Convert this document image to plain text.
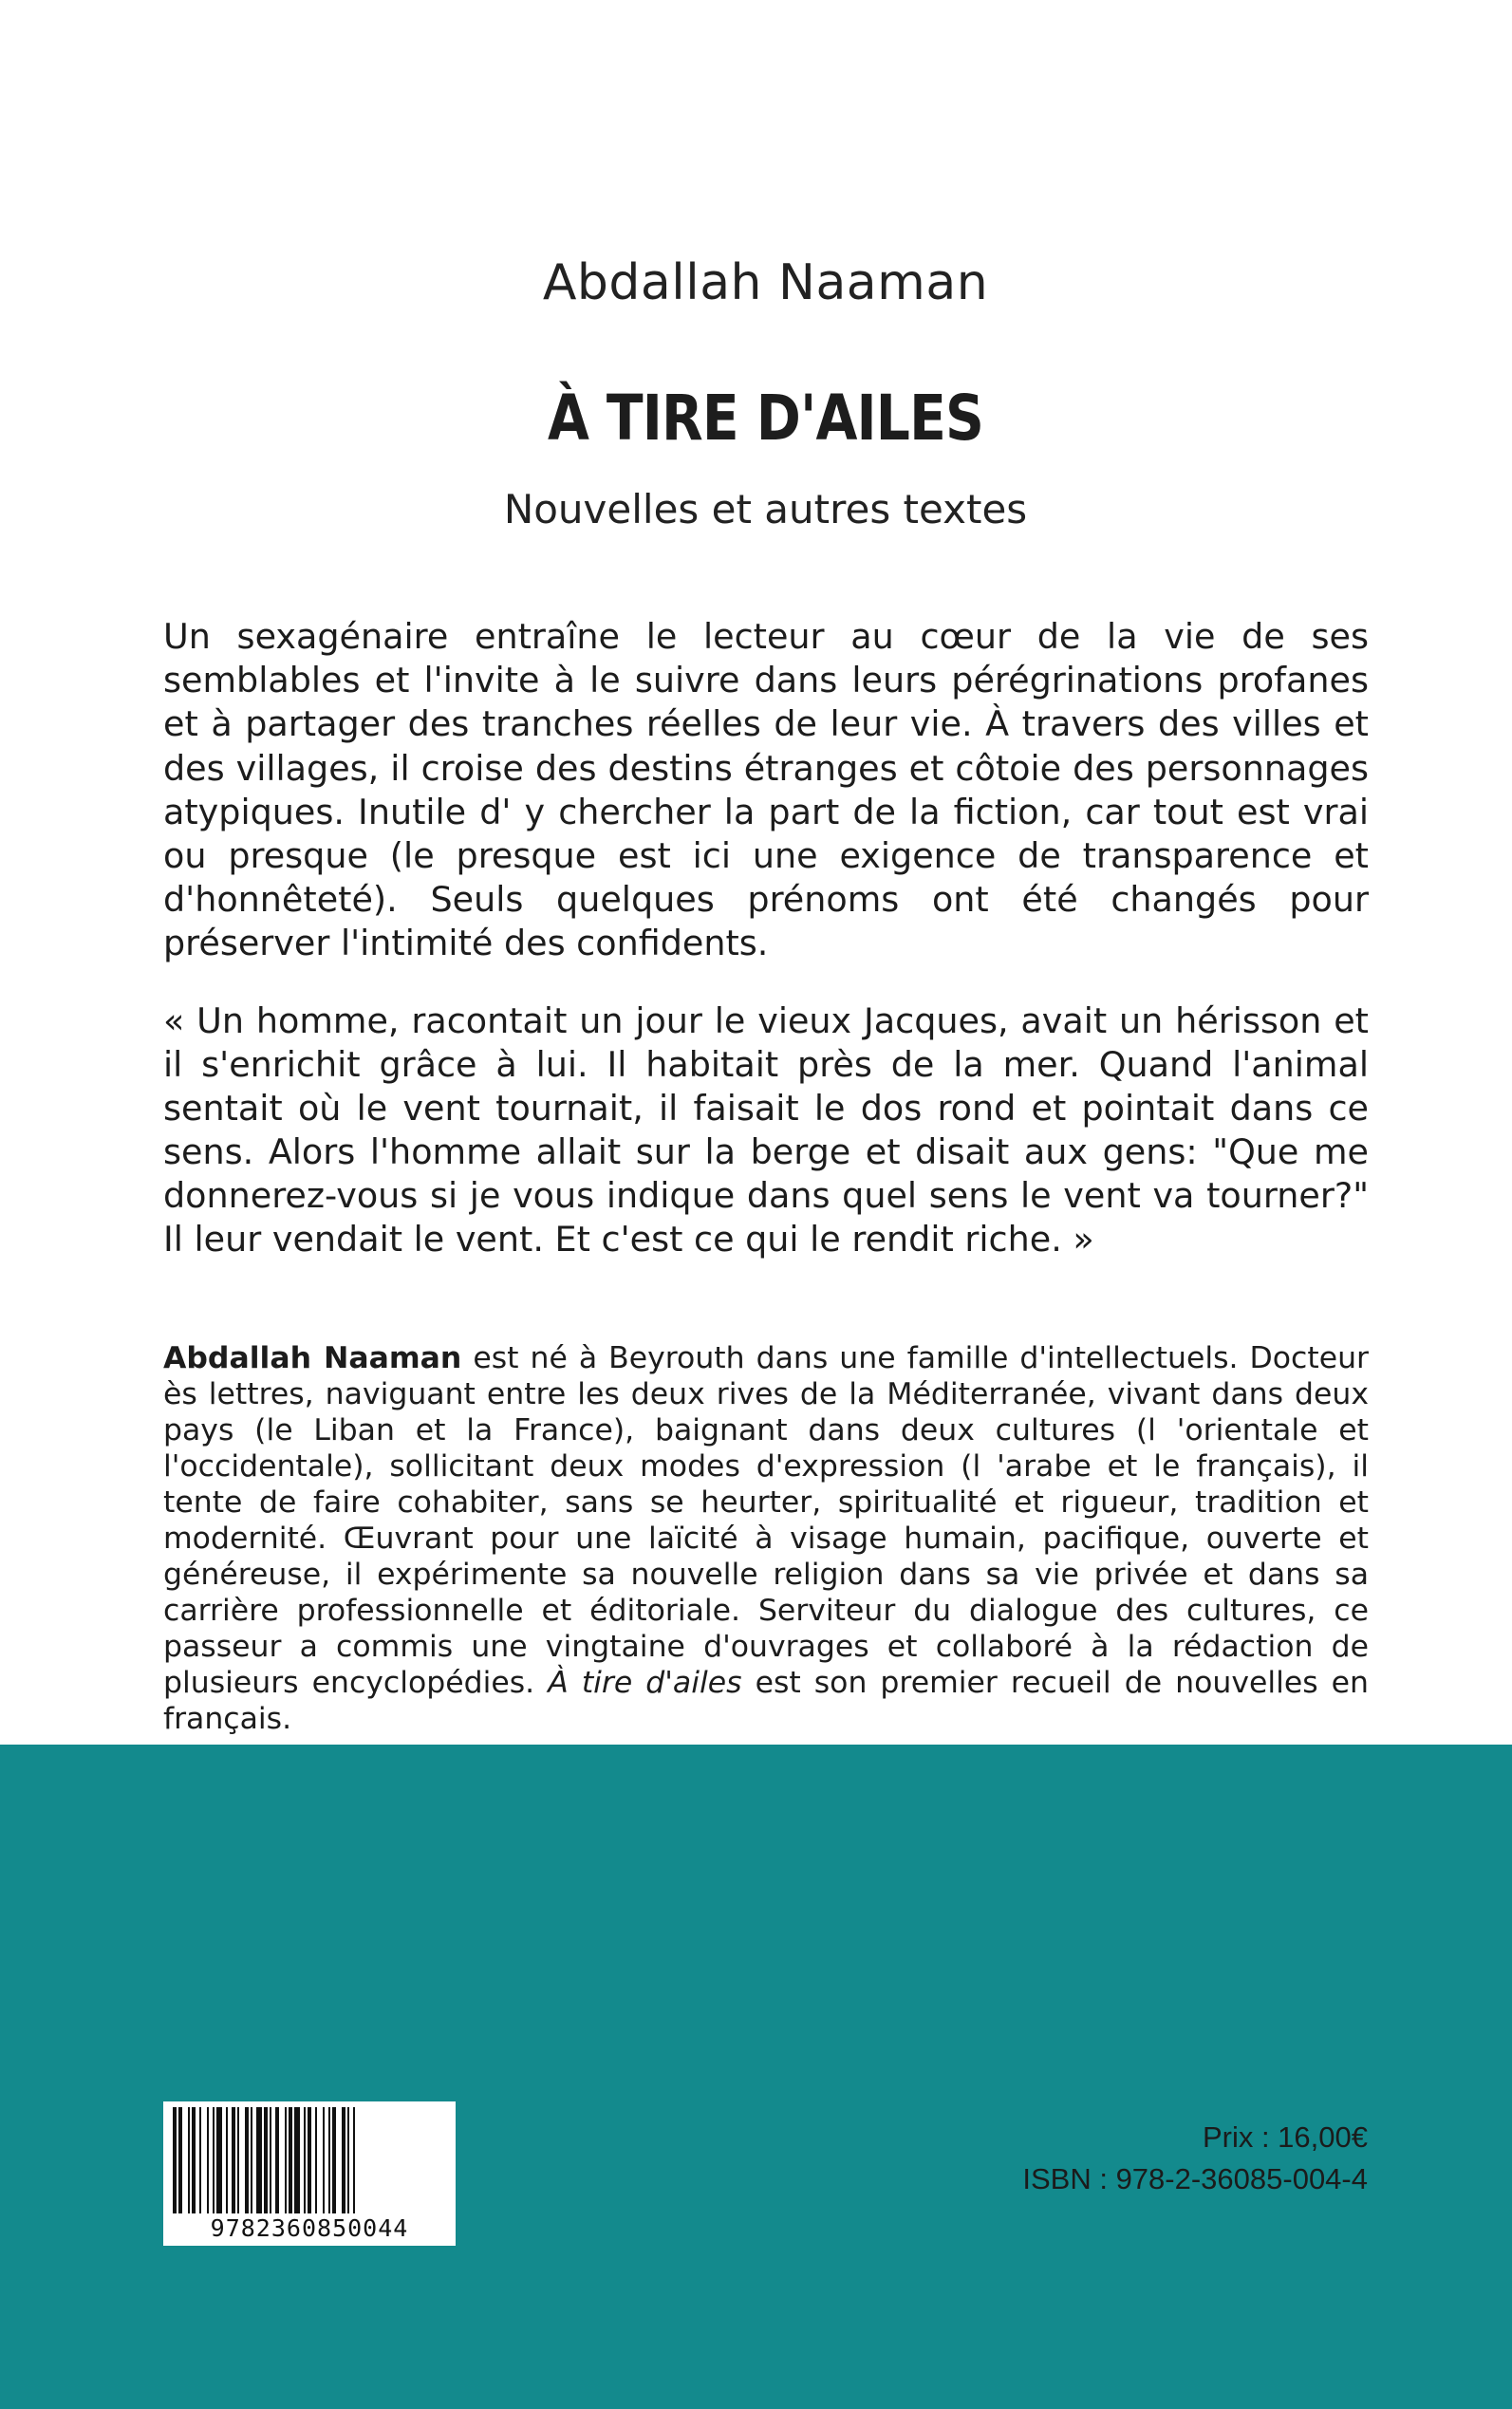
Abdallah Naaman
À TIRE D'AILES
Nouvelles et autres textes
Un sexagénaire entraîne le lecteur au cœur de la vie de ses semblables et l'invite à le suivre dans leurs pérégrinations profanes et à partager des tranches réelles de leur vie. À travers des villes et des villages, il croise des destins étranges et côtoie des personnages atypiques. Inutile d' y chercher la part de la fiction, car tout est vrai ou presque (le presque est ici une exigence de transparence et d'honnêteté). Seuls quelques prénoms ont été changés pour préserver l'intimité des confidents.
« Un homme, racontait un jour le vieux Jacques, avait un hérisson et il s'enrichit grâce à lui. Il habitait près de la mer. Quand l'animal sentait où le vent tournait, il faisait le dos rond et pointait dans ce sens. Alors l'homme allait sur la berge et disait aux gens: "Que me donnerez-vous si je vous indique dans quel sens le vent va tourner?" Il leur vendait le vent. Et c'est ce qui le rendit riche. »
Abdallah Naaman est né à Beyrouth dans une famille d'intellectuels. Docteur ès lettres, naviguant entre les deux rives de la Méditerranée, vivant dans deux pays (le Liban et la France), baignant dans deux cultures (l 'orientale et l'occidentale), sollicitant deux modes d'expression (l 'arabe et le français), il tente de faire cohabiter, sans se heurter, spiritualité et rigueur, tradition et modernité. Œuvrant pour une laïcité à visage humain, pacifique, ouverte et généreuse, il expérimente sa nouvelle religion dans sa vie privée et dans sa carrière professionnelle et éditoriale. Serviteur du dialogue des cultures, ce passeur a commis une vingtaine d'ouvrages et collaboré à la rédaction de plusieurs encyclopédies. À tire d'ailes est son premier recueil de nouvelles en français.
9782360850044
Prix : 16,00€
ISBN : 978-2-36085-004-4
